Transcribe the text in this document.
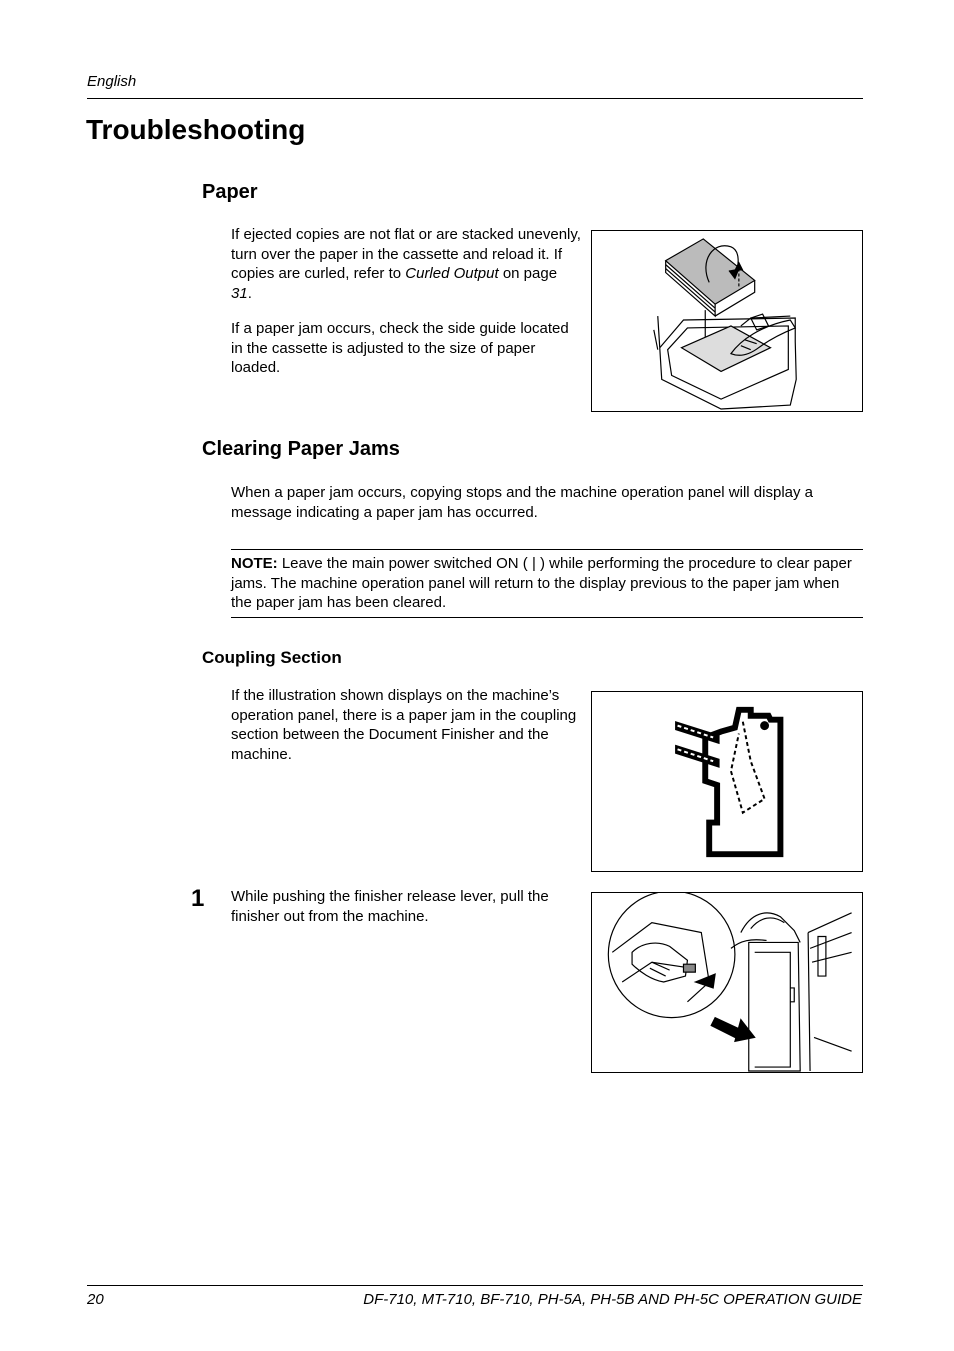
English
Troubleshooting
Paper
If ejected copies are not flat or are stacked unevenly, turn over the paper in the cassette and reload it. If copies are curled, refer to Curled Output on page 31.
If a paper jam occurs, check the side guide located in the cassette is adjusted to the size of paper loaded.
Clearing Paper Jams
When a paper jam occurs, copying stops and the machine operation panel will display a message indicating a paper jam has occurred.
NOTE: Leave the main power switched ON ( | ) while performing the procedure to clear paper jams. The machine operation panel will return to the display previous to the paper jam when the paper jam has been cleared.
Coupling Section
If the illustration shown displays on the machine’s operation panel, there is a paper jam in the coupling section between the Document Finisher and the machine.
1 While pushing the finisher release lever, pull the finisher out from the machine.
20	DF-710, MT-710, BF-710, PH-5A, PH-5B AND PH-5C OPERATION GUIDE
